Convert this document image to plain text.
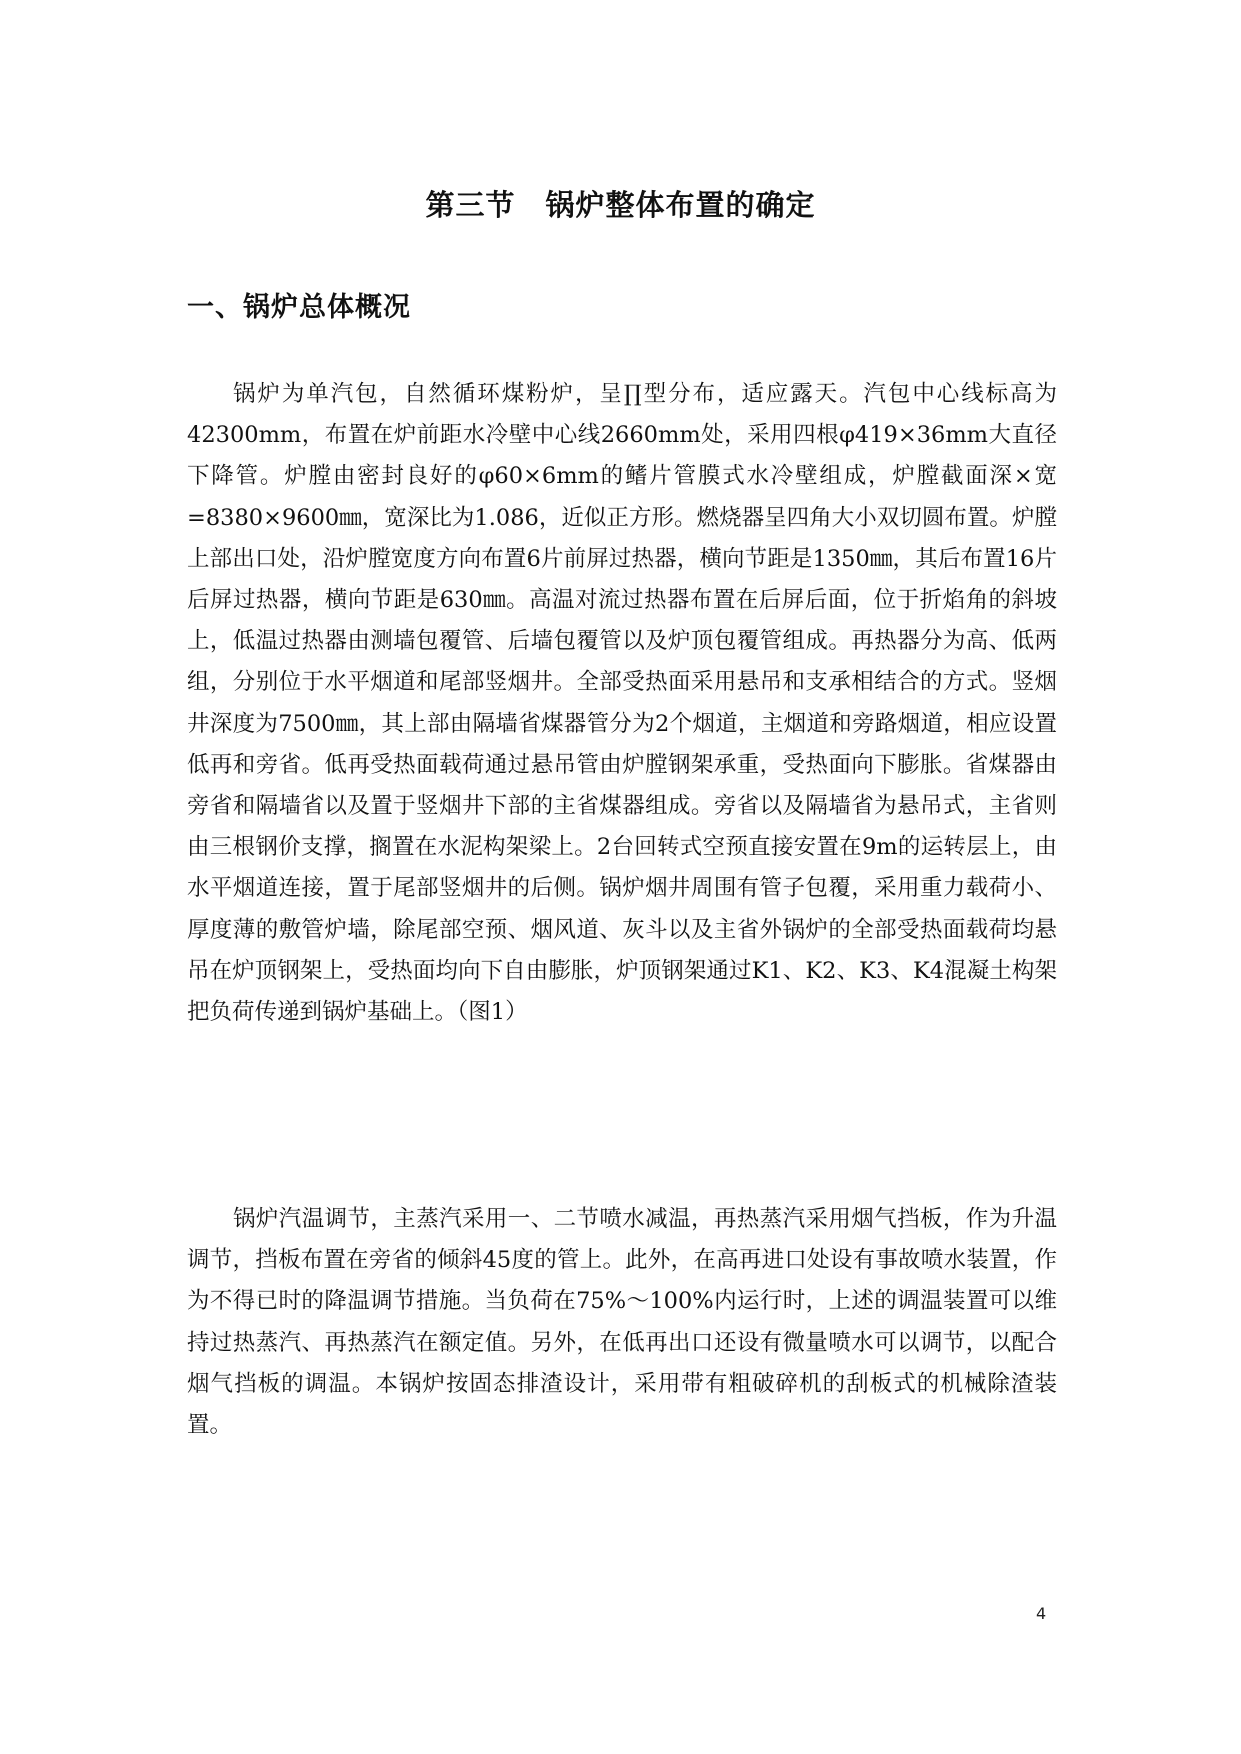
第三节　锅炉整体布置的确定
一、锅炉总体概况

锅炉为单汽包，自然循环煤粉炉，呈∏型分布，适应露天。汽包中心线标高为42300mm，布置在炉前距水冷壁中心线2660mm处，采用四根φ419×36mm大直径下降管。炉膛由密封良好的φ60×6mm的鳍片管膜式水冷壁组成，炉膛截面深×宽=8380×9600㎜，宽深比为1.086，近似正方形。燃烧器呈四角大小双切圆布置。炉膛上部出口处，沿炉膛宽度方向布置6片前屏过热器，横向节距是1350㎜，其后布置16片后屏过热器，横向节距是630㎜。高温对流过热器布置在后屏后面，位于折焰角的斜坡上，低温过热器由测墙包覆管、后墙包覆管以及炉顶包覆管组成。再热器分为高、低两组，分别位于水平烟道和尾部竖烟井。全部受热面采用悬吊和支承相结合的方式。竖烟井深度为7500㎜，其上部由隔墙省煤器管分为2个烟道，主烟道和旁路烟道，相应设置低再和旁省。低再受热面载荷通过悬吊管由炉膛钢架承重，受热面向下膨胀。省煤器由旁省和隔墙省以及置于竖烟井下部的主省煤器组成。旁省以及隔墙省为悬吊式，主省则由三根钢价支撑，搁置在水泥构架梁上。2台回转式空预直接安置在9m的运转层上，由水平烟道连接，置于尾部竖烟井的后侧。锅炉烟井周围有管子包覆，采用重力载荷小、厚度薄的敷管炉墙，除尾部空预、烟风道、灰斗以及主省外锅炉的全部受热面载荷均悬吊在炉顶钢架上，受热面均向下自由膨胀，炉顶钢架通过K1、K2、K3、K4混凝土构架把负荷传递到锅炉基础上。（图1）

锅炉汽温调节，主蒸汽采用一、二节喷水减温，再热蒸汽采用烟气挡板，作为升温调节，挡板布置在旁省的倾斜45度的管上。此外，在高再进口处设有事故喷水装置，作为不得已时的降温调节措施。当负荷在75%～100%内运行时，上述的调温装置可以维持过热蒸汽、再热蒸汽在额定值。另外，在低再出口还设有微量喷水可以调节，以配合烟气挡板的调温。本锅炉按固态排渣设计，采用带有粗破碎机的刮板式的机械除渣装置。

4
